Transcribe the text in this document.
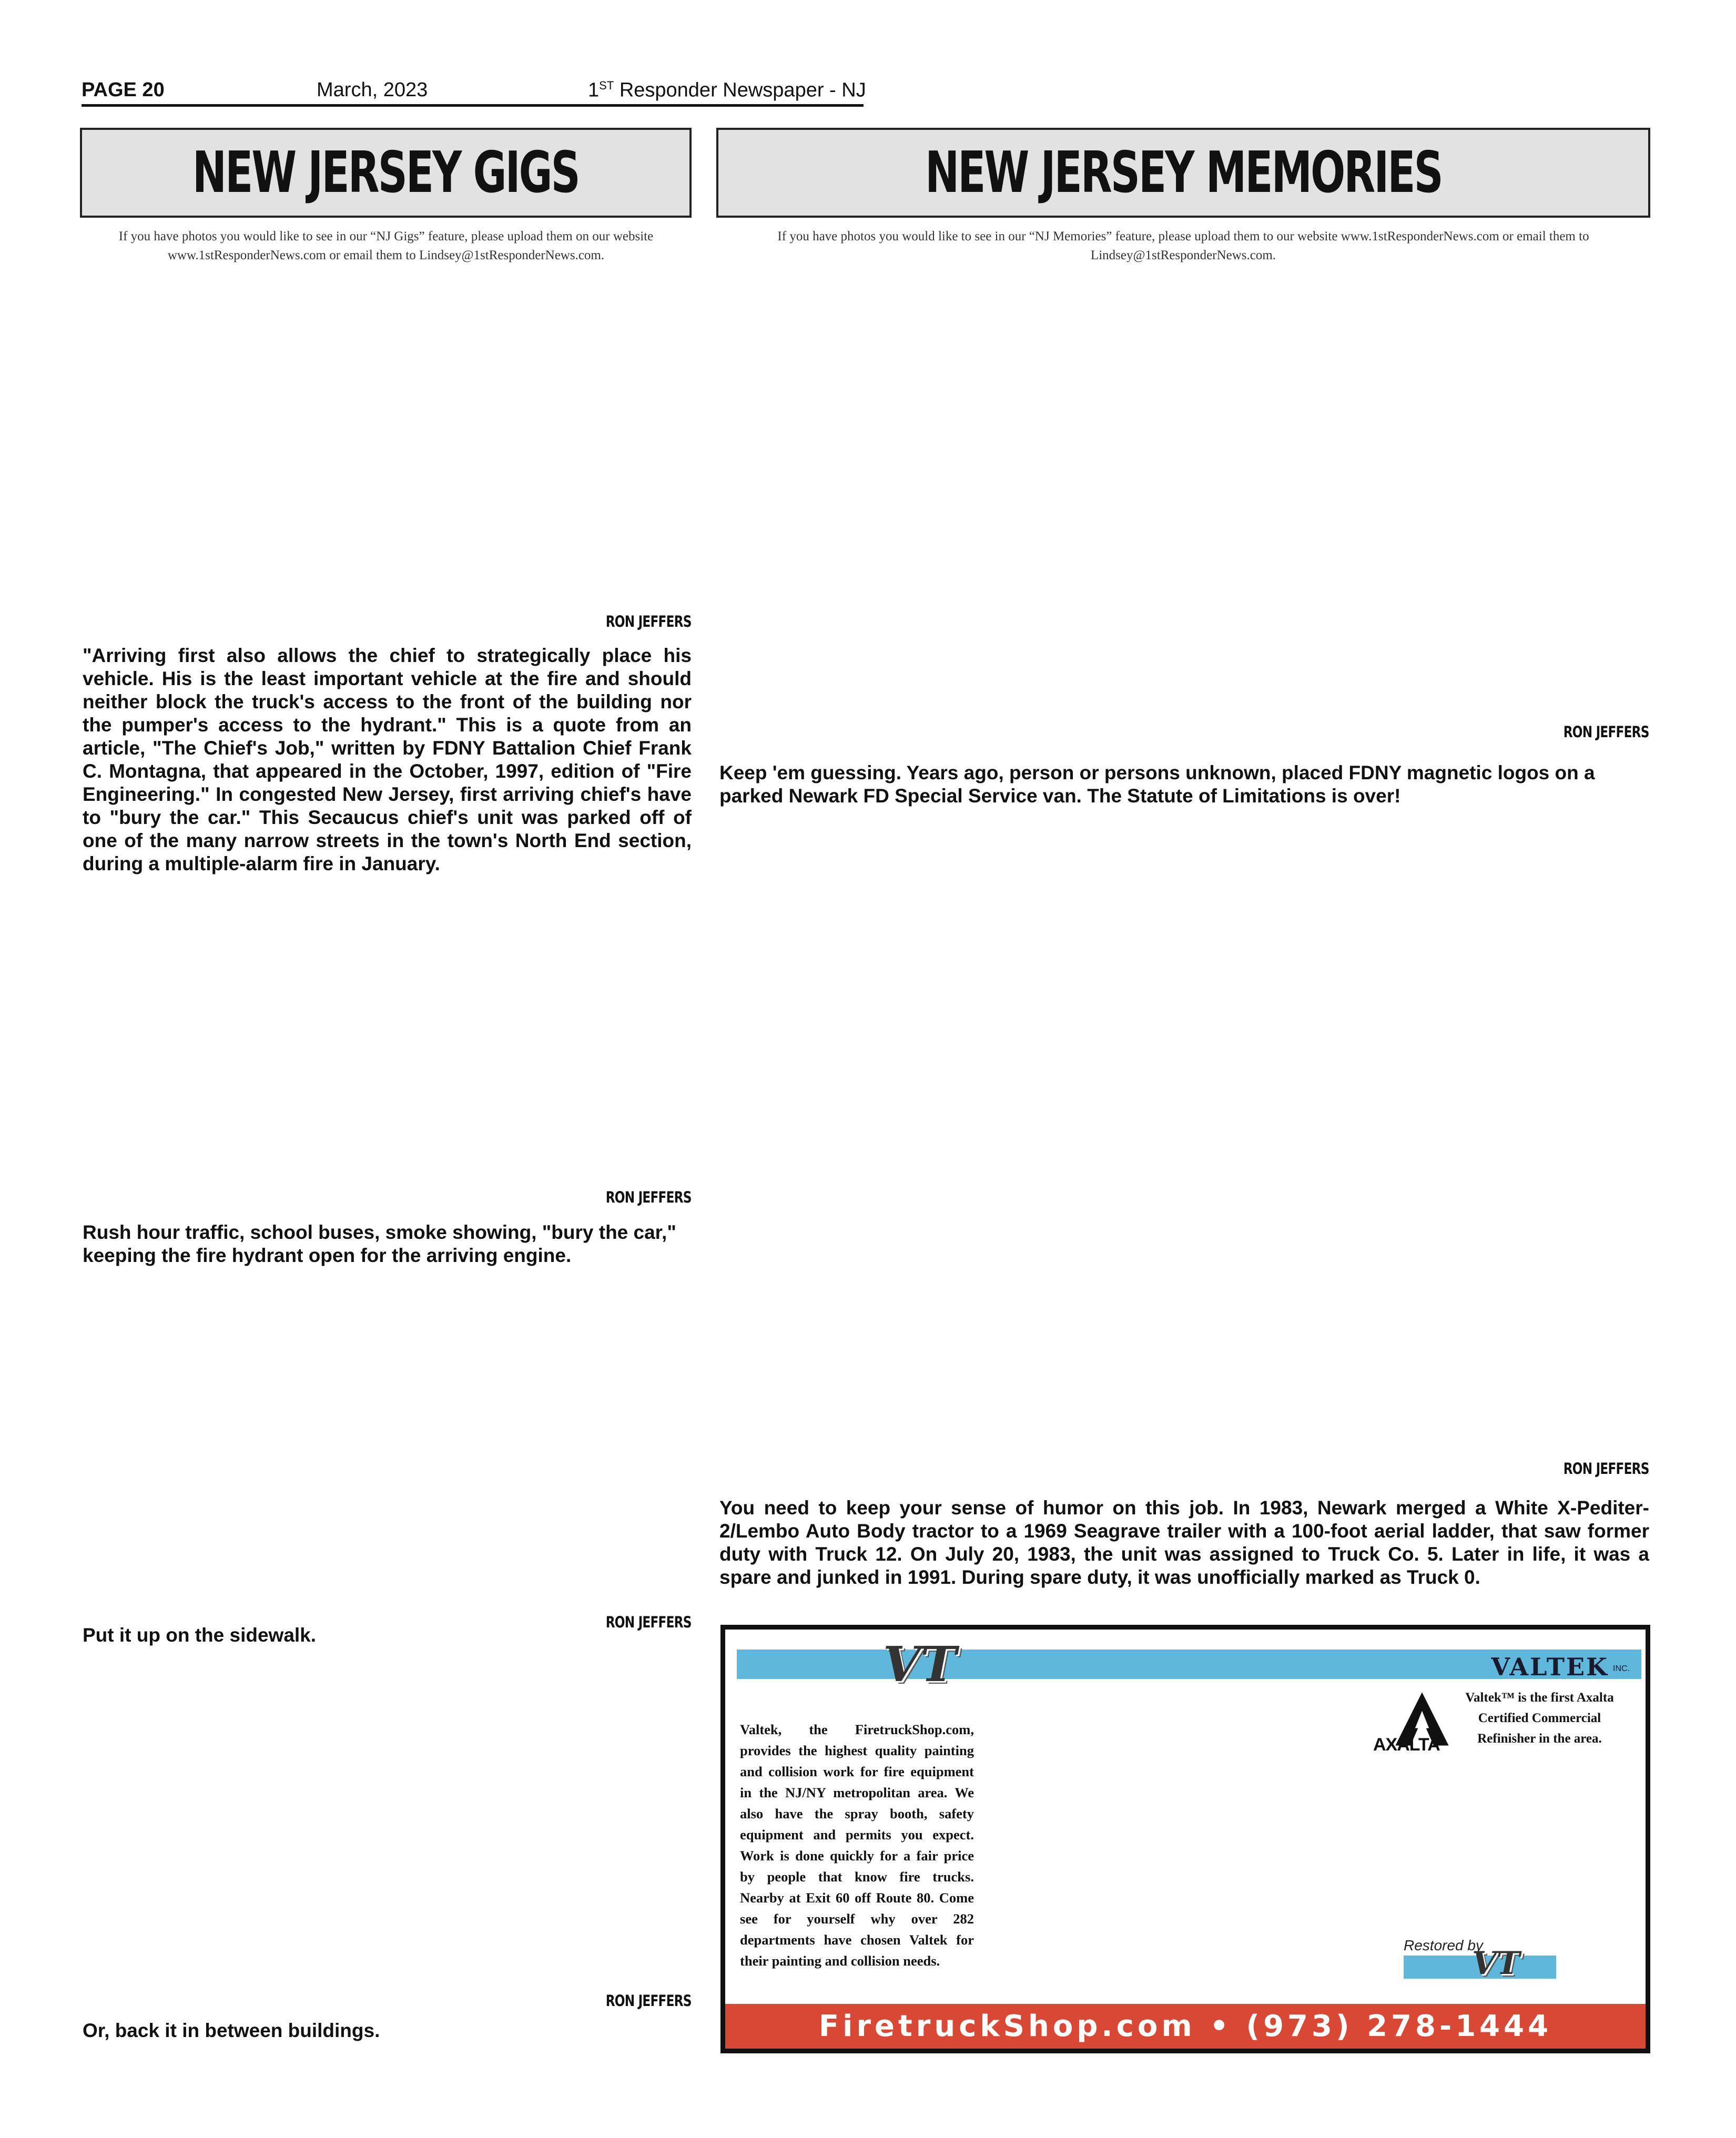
PAGE 20	March, 2023	1ST Responder Newspaper - NJ
NEW JERSEY GIGS
If you have photos you would like to see in our “NJ Gigs” feature, please upload them on our website www.1stResponderNews.com or email them to Lindsey@1stResponderNews.com.
RON JEFFERS
"Arriving first also allows the chief to strategically place his vehicle. His is the least important vehicle at the fire and should neither block the truck's access to the front of the building nor the pumper's access to the hydrant." This is a quote from an article, "The Chief's Job," written by FDNY Battalion Chief Frank C. Montagna, that appeared in the October, 1997, edition of "Fire Engineering." In congested New Jersey, first arriving chief's have to "bury the car." This Secaucus chief's unit was parked off of one of the many narrow streets in the town's North End section, during a multiple-alarm fire in January.
RON JEFFERS
Rush hour traffic, school buses, smoke showing, "bury the car," keeping the fire hydrant open for the arriving engine.
RON JEFFERS
Put it up on the sidewalk.
RON JEFFERS
Or, back it in between buildings.
NEW JERSEY MEMORIES
If you have photos you would like to see in our “NJ Memories” feature, please upload them to our website www.1stResponderNews.com or email them to Lindsey@1stResponderNews.com.
RON JEFFERS
Keep 'em guessing. Years ago, person or persons unknown, placed FDNY magnetic logos on a parked Newark FD Special Service van. The Statute of Limitations is over!
RON JEFFERS
You need to keep your sense of humor on this job. In 1983, Newark merged a White X-Pediter-2/Lembo Auto Body tractor to a 1969 Seagrave trailer with a 100-foot aerial ladder, that saw former duty with Truck 12. On July 20, 1983, the unit was assigned to Truck Co. 5. Later in life, it was a spare and junked in 1991. During spare duty, it was unofficially marked as Truck 0.
VT	VALTEK INC.
Valtek, the FiretruckShop.com, provides the highest quality painting and collision work for fire equipment in the NJ/NY metropolitan area. We also have the spray booth, safety equipment and permits you expect. Work is done quickly for a fair price by people that know fire trucks. Nearby at Exit 60 off Route 80. Come see for yourself why over 282 departments have chosen Valtek for their painting and collision needs.
AXALTA
Valtek™ is the first Axalta Certified Commercial Refinisher in the area.
Restored by
VT
FiretruckShop.com • (973) 278-1444
